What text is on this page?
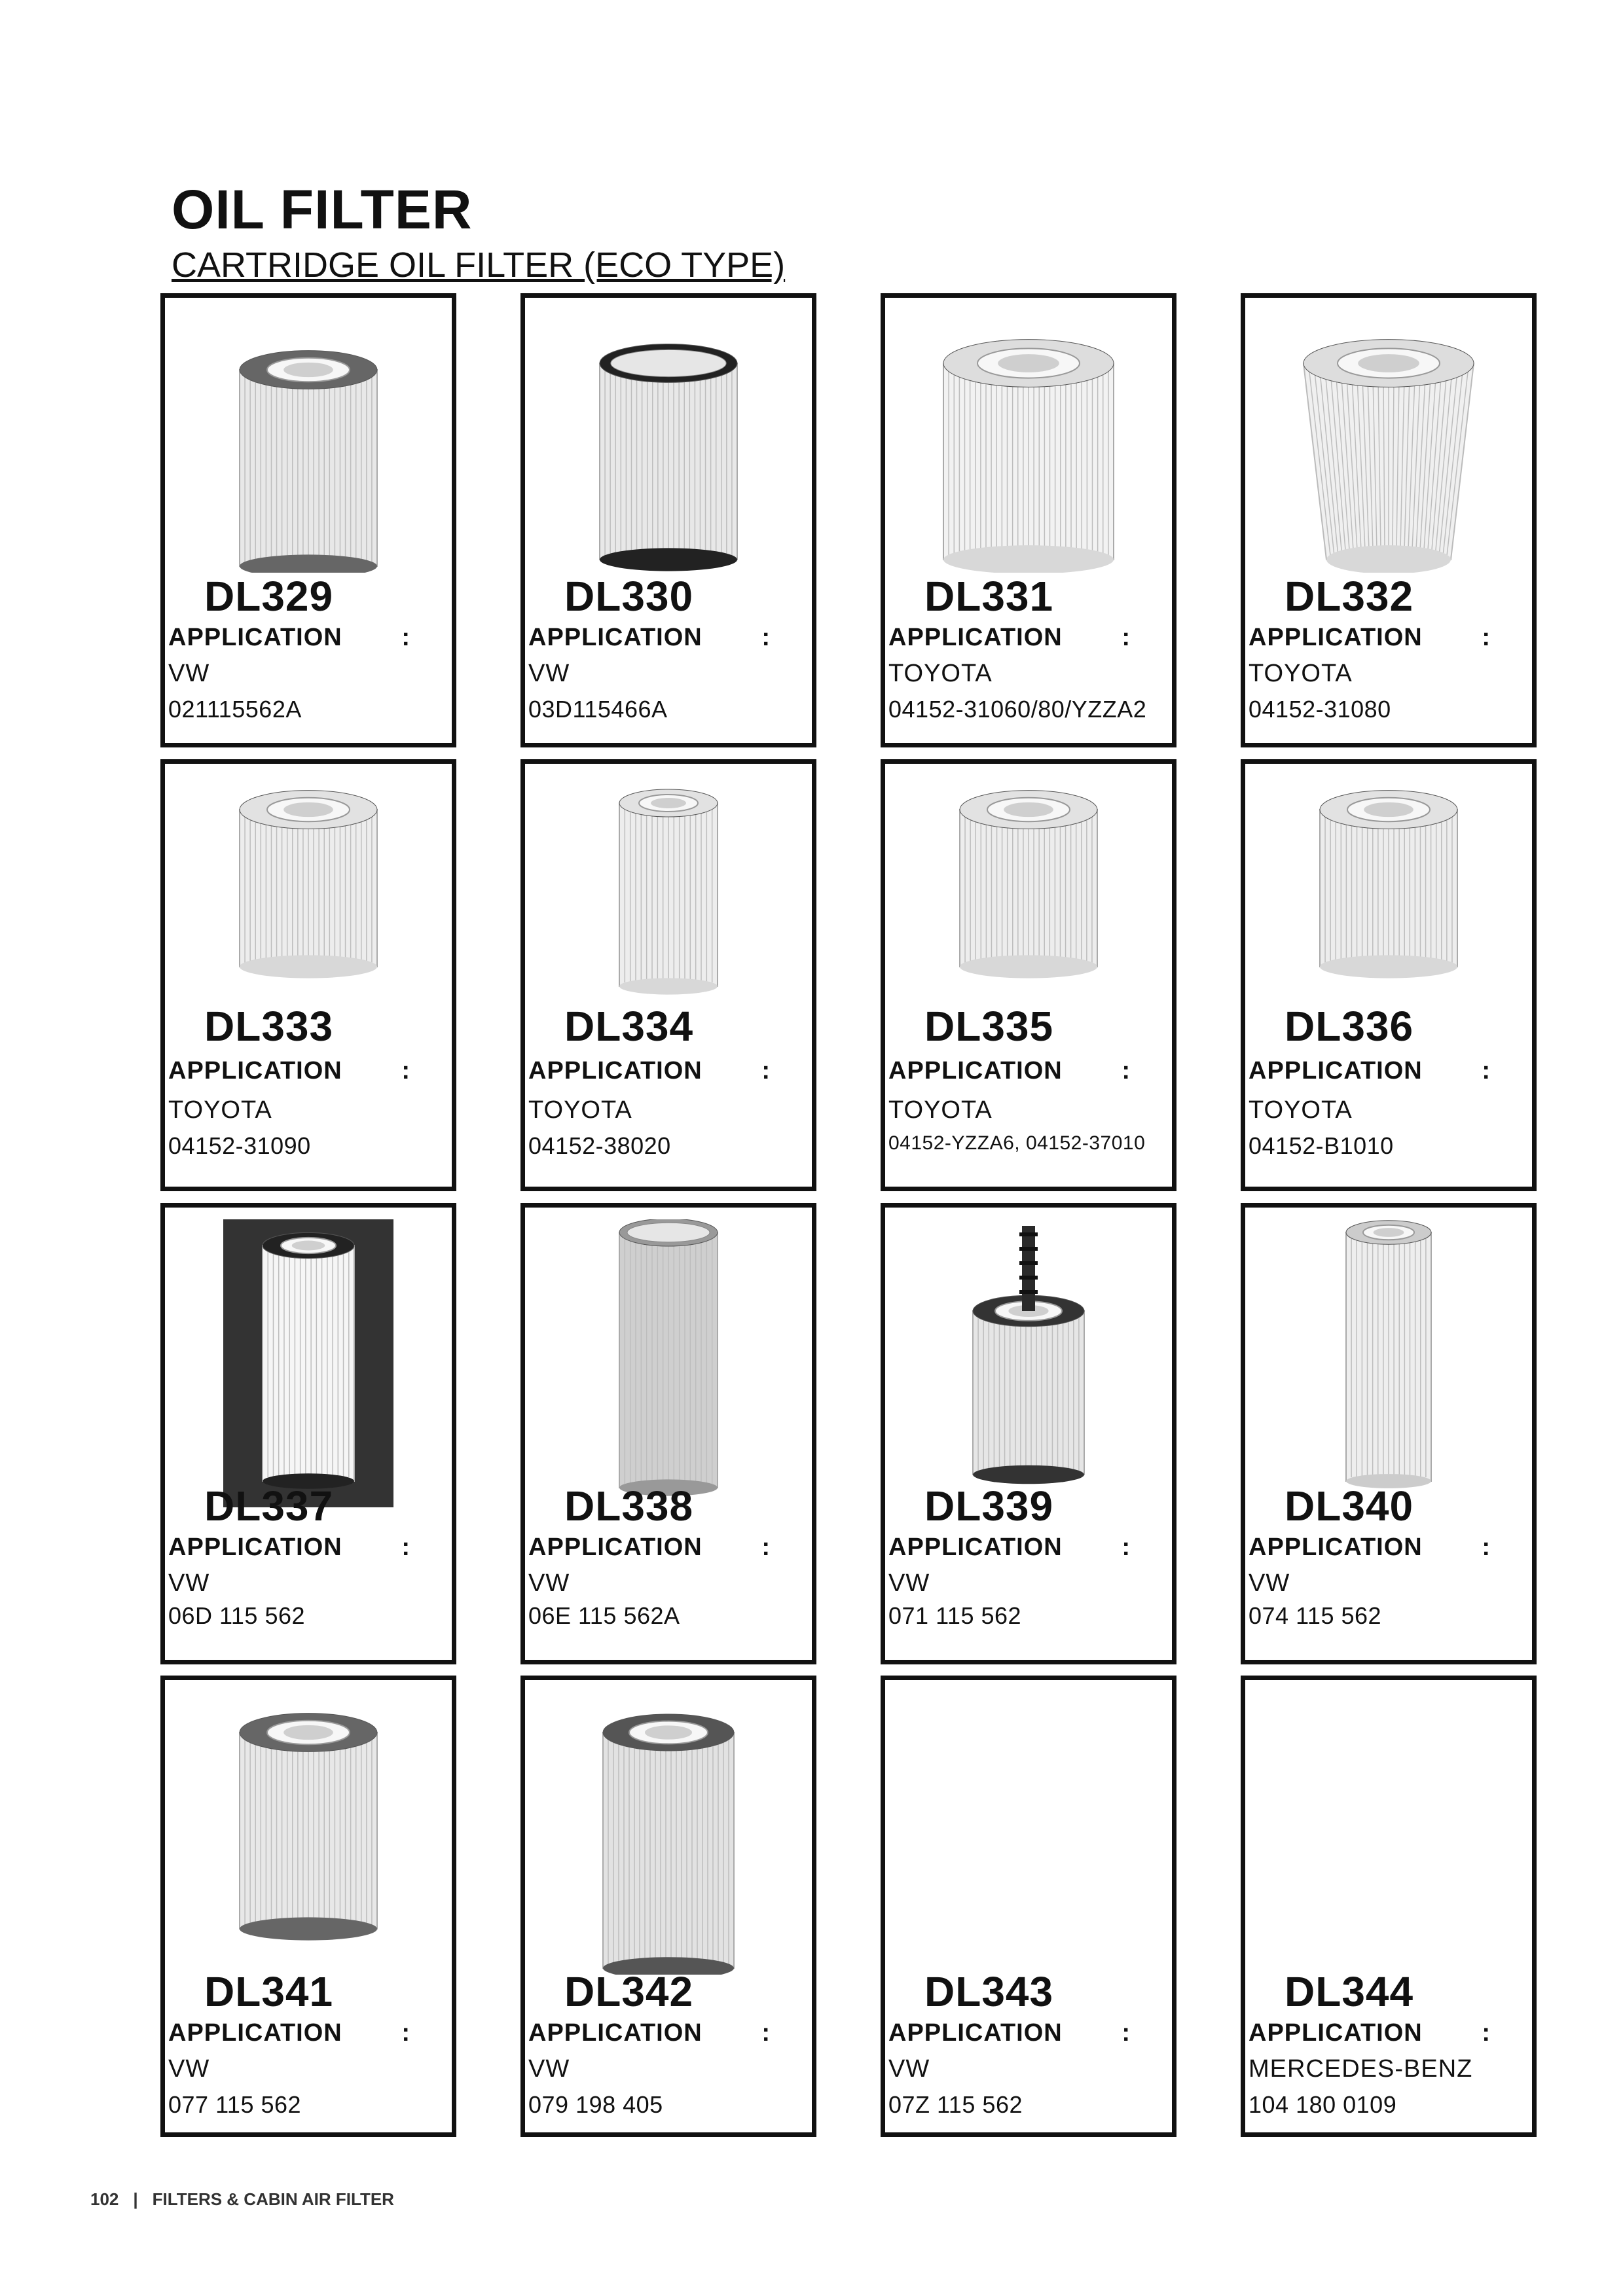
OIL FILTER
CARTRIDGE OIL FILTER (ECO TYPE)
DL329
APPLICATION :
VW
021115562A
DL330
APPLICATION :
VW
03D115466A
DL331
APPLICATION :
TOYOTA
04152-31060/80/YZZA2
DL332
APPLICATION :
TOYOTA
04152-31080
DL333
APPLICATION :
TOYOTA
04152-31090
DL334
APPLICATION :
TOYOTA
04152-38020
DL335
APPLICATION :
TOYOTA
04152-YZZA6, 04152-37010
DL336
APPLICATION :
TOYOTA
04152-B1010
DL337
APPLICATION :
VW
06D 115 562
DL338
APPLICATION :
VW
06E 115 562A
DL339
APPLICATION :
VW
071 115 562
DL340
APPLICATION :
VW
074 115 562
DL341
APPLICATION :
VW
077 115 562
DL342
APPLICATION :
VW
079 198 405
DL343
APPLICATION :
VW
07Z 115 562
DL344
APPLICATION :
MERCEDES-BENZ
104 180 0109
102 | FILTERS & CABIN AIR FILTER
